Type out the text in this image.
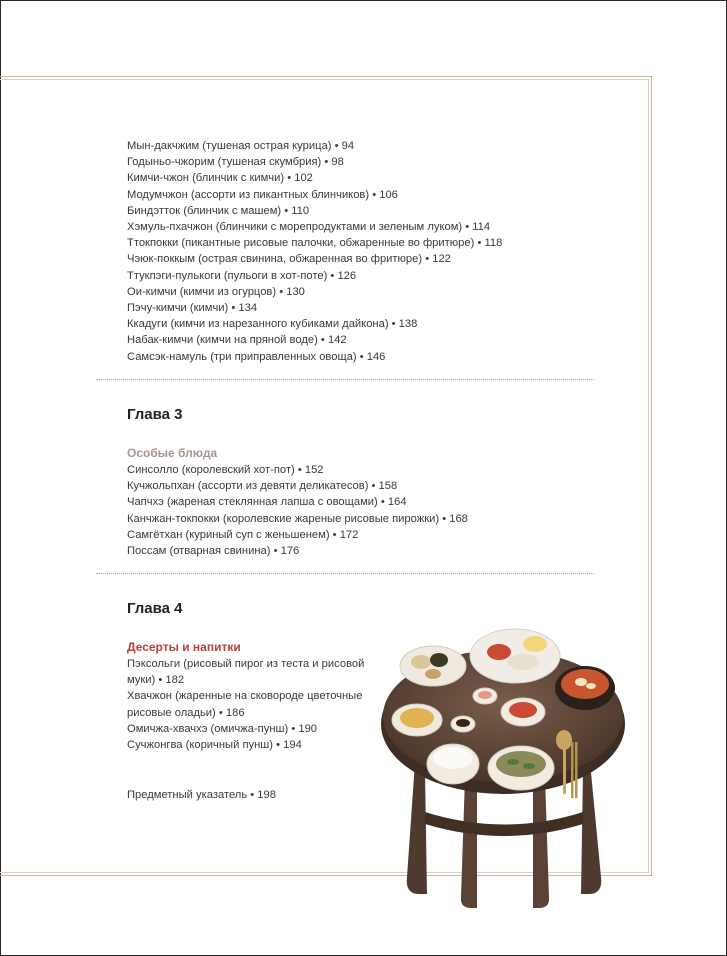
Мын-дакчжим (тушеная острая курица) • 94
Годыньо-чжорим (тушеная скумбрия) • 98
Кимчи-чжон (блинчик с кимчи) • 102
Модумчжон (ассорти из пикантных блинчиков) • 106
Биндэтток (блинчик с машем) • 110
Хэмуль-пхачжон (блинчики с морепродуктами и зеленым луком) • 114
Ттокпокки (пикантные рисовые палочки, обжаренные во фритюре) • 118
Чэюк-поккым (острая свинина, обжаренная во фритюре) • 122
Ттукпэги-пулькоги (пульоги в хот-поте) • 126
Ои-кимчи (кимчи из огурцов) • 130
Пэчу-кимчи (кимчи) • 134
Ккадуги (кимчи из нарезанного кубиками дайкона) • 138
Набак-кимчи (кимчи на пряной воде) • 142
Самсэк-намуль (три приправленных овоща) • 146
Глава 3
Особые блюда
Синсолло (королевский хот-пот) • 152
Кучжольпхан (ассорти из девяти деликатесов) • 158
Чапчхэ (жареная стеклянная лапша с овощами) • 164
Канчжан-токпокки (королевские жареные рисовые пирожки) • 168
Самгётхан (куриный суп с женьшенем) • 172
Поссам (отварная свинина) • 176
Глава 4
Десерты и напитки
Пэксольги (рисовый пирог из теста и рисовой муки) • 182
Хвачжон (жаренные на сковороде цветочные рисовые оладьи) • 186
Омичжа-хвачхэ (омичжа-пунш) • 190
Сучжонгва (коричный пунш) • 194
Предметный указатель • 198
